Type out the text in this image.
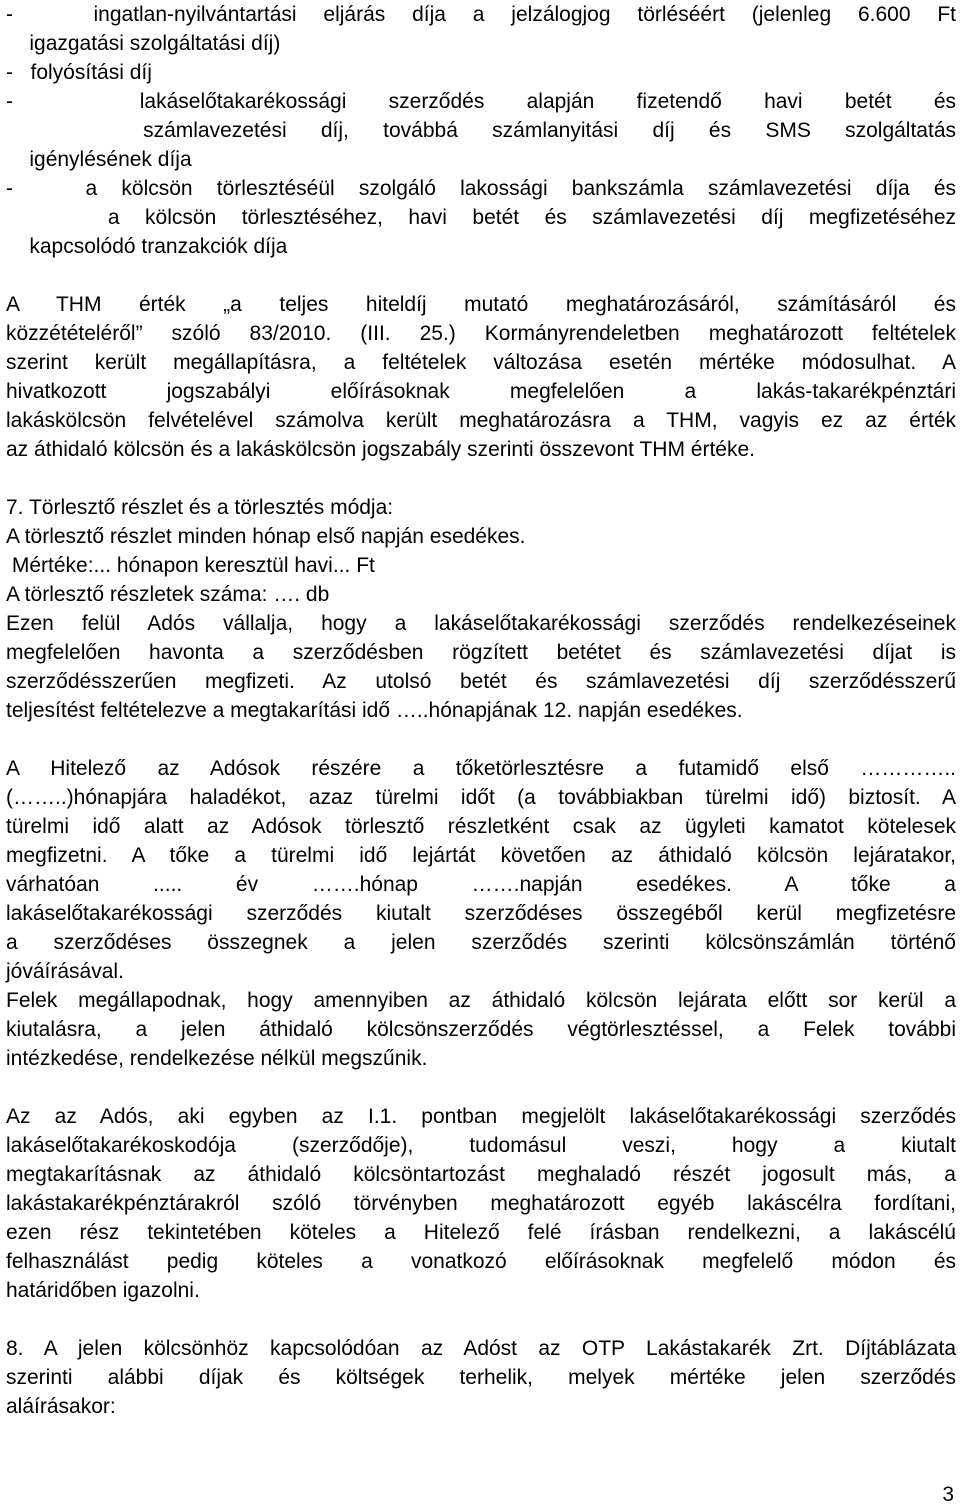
-   ingatlan-nyilvántartási eljárás díja a jelzálogjog törléséért (jelenleg 6.600 Ft
igazgatási szolgáltatási díj)
-   folyósítási díj
-   lakáselőtakarékossági szerződés alapján fizetendő havi betét és
számlavezetési díj, továbbá számlanyitási díj és SMS szolgáltatás
igénylésének díja
-   a kölcsön törlesztéséül szolgáló lakossági bankszámla számlavezetési díja és
a kölcsön törlesztéséhez, havi betét és számlavezetési díj megfizetéséhez
kapcsolódó tranzakciók díja
A THM érték „a teljes hiteldíj mutató meghatározásáról, számításáról és
közzétételéről” szóló 83/2010. (III. 25.) Kormányrendeletben meghatározott feltételek
szerint került megállapításra, a feltételek változása esetén mértéke módosulhat. A
hivatkozott jogszabályi előírásoknak megfelelően a lakás-takarékpénztári
lakáskölcsön felvételével számolva került meghatározásra a THM, vagyis ez az érték
az áthidaló kölcsön és a lakáskölcsön jogszabály szerinti összevont THM értéke.
7. Törlesztő részlet és a törlesztés módja:
A törlesztő részlet minden hónap első napján esedékes.
Mértéke:... hónapon keresztül havi... Ft
A törlesztő részletek száma: …. db
Ezen felül Adós vállalja, hogy a lakáselőtakarékossági szerződés rendelkezéseinek
megfelelően havonta a szerződésben rögzített betétet és számlavezetési díjat is
szerződésszerűen megfizeti. Az utolsó betét és számlavezetési díj szerződésszerű
teljesítést feltételezve a megtakarítási idő …..hónapjának 12. napján esedékes.
A Hitelező az Adósok részére a tőketörlesztésre a futamidő első …………..
(……..)hónapjára haladékot, azaz türelmi időt (a továbbiakban türelmi idő) biztosít. A
türelmi idő alatt az Adósok törlesztő részletként csak az ügyleti kamatot kötelesek
megfizetni. A tőke a türelmi idő lejártát követően az áthidaló kölcsön lejáratakor,
várhatóan ..... év …….hónap …….napján esedékes. A tőke a
lakáselőtakarékossági szerződés kiutalt szerződéses összegéből kerül megfizetésre
a szerződéses összegnek a jelen szerződés szerinti kölcsönszámlán történő
jóváírásával.
Felek megállapodnak, hogy amennyiben az áthidaló kölcsön lejárata előtt sor kerül a
kiutalásra, a jelen áthidaló kölcsönszerződés végtörlesztéssel, a Felek további
intézkedése, rendelkezése nélkül megszűnik.
Az az Adós, aki egyben az I.1. pontban megjelölt lakáselőtakarékossági szerződés
lakáselőtakarékoskodója (szerződője), tudomásul veszi, hogy a kiutalt
megtakarításnak az áthidaló kölcsöntartozást meghaladó részét jogosult más, a
lakástakarékpénztárakról szóló törvényben meghatározott egyéb lakáscélra fordítani,
ezen rész tekintetében köteles a Hitelező felé írásban rendelkezni, a lakáscélú
felhasználást pedig köteles a vonatkozó előírásoknak megfelelő módon és
határidőben igazolni.
8. A jelen kölcsönhöz kapcsolódóan az Adóst az OTP Lakástakarék Zrt. Díjtáblázata
szerinti alábbi díjak és költségek terhelik, melyek mértéke jelen szerződés
aláírásakor:
3
